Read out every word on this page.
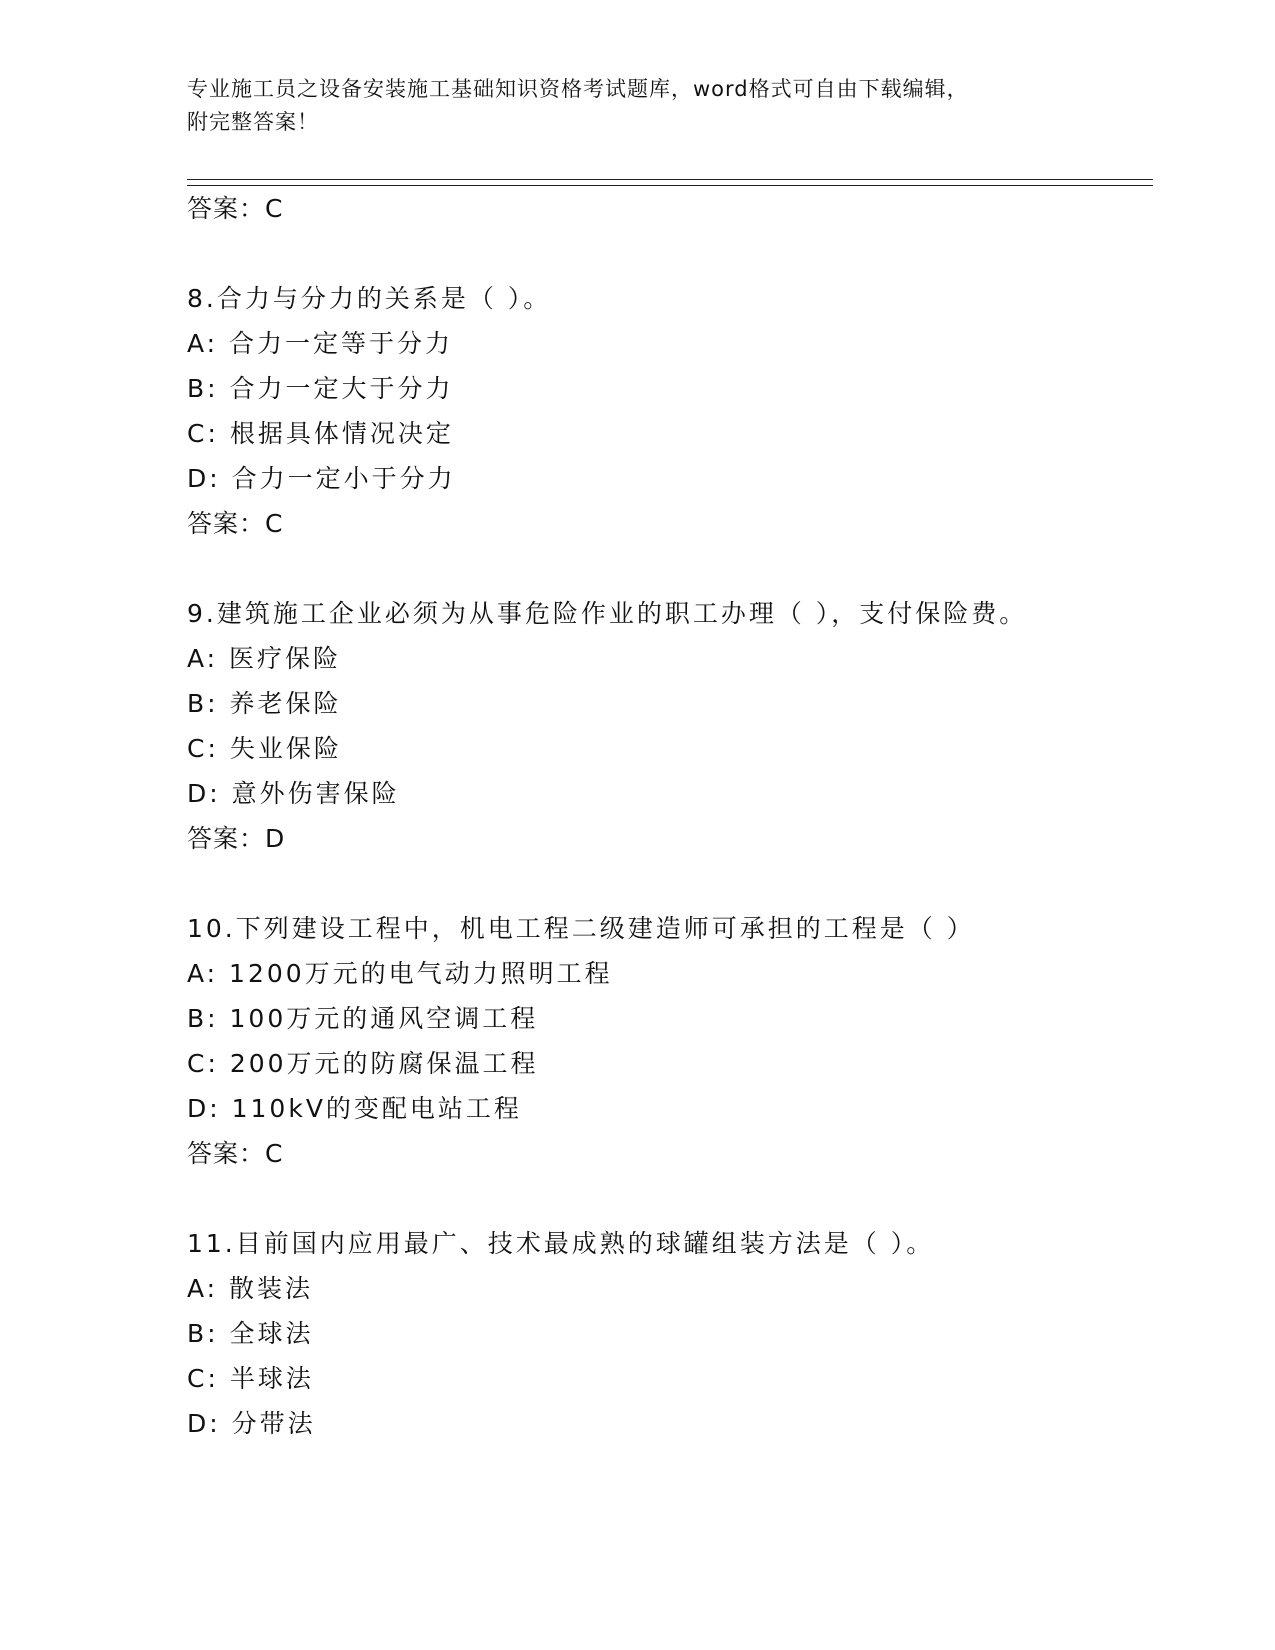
专业施工员之设备安装施工基础知识资格考试题库，word格式可自由下载编辑，
附完整答案！
答案：C
8.合力与分力的关系是（ ）。
A: 合力一定等于分力
B: 合力一定大于分力
C: 根据具体情况决定
D: 合力一定小于分力
答案：C
9.建筑施工企业必须为从事危险作业的职工办理（ ），支付保险费。
A: 医疗保险
B: 养老保险
C: 失业保险
D: 意外伤害保险
答案：D
10.下列建设工程中，机电工程二级建造师可承担的工程是（ ）
A: 1200万元的电气动力照明工程
B: 100万元的通风空调工程
C: 200万元的防腐保温工程
D: 110kV的变配电站工程
答案：C
11.目前国内应用最广、技术最成熟的球罐组装方法是（ ）。
A: 散装法
B: 全球法
C: 半球法
D: 分带法
